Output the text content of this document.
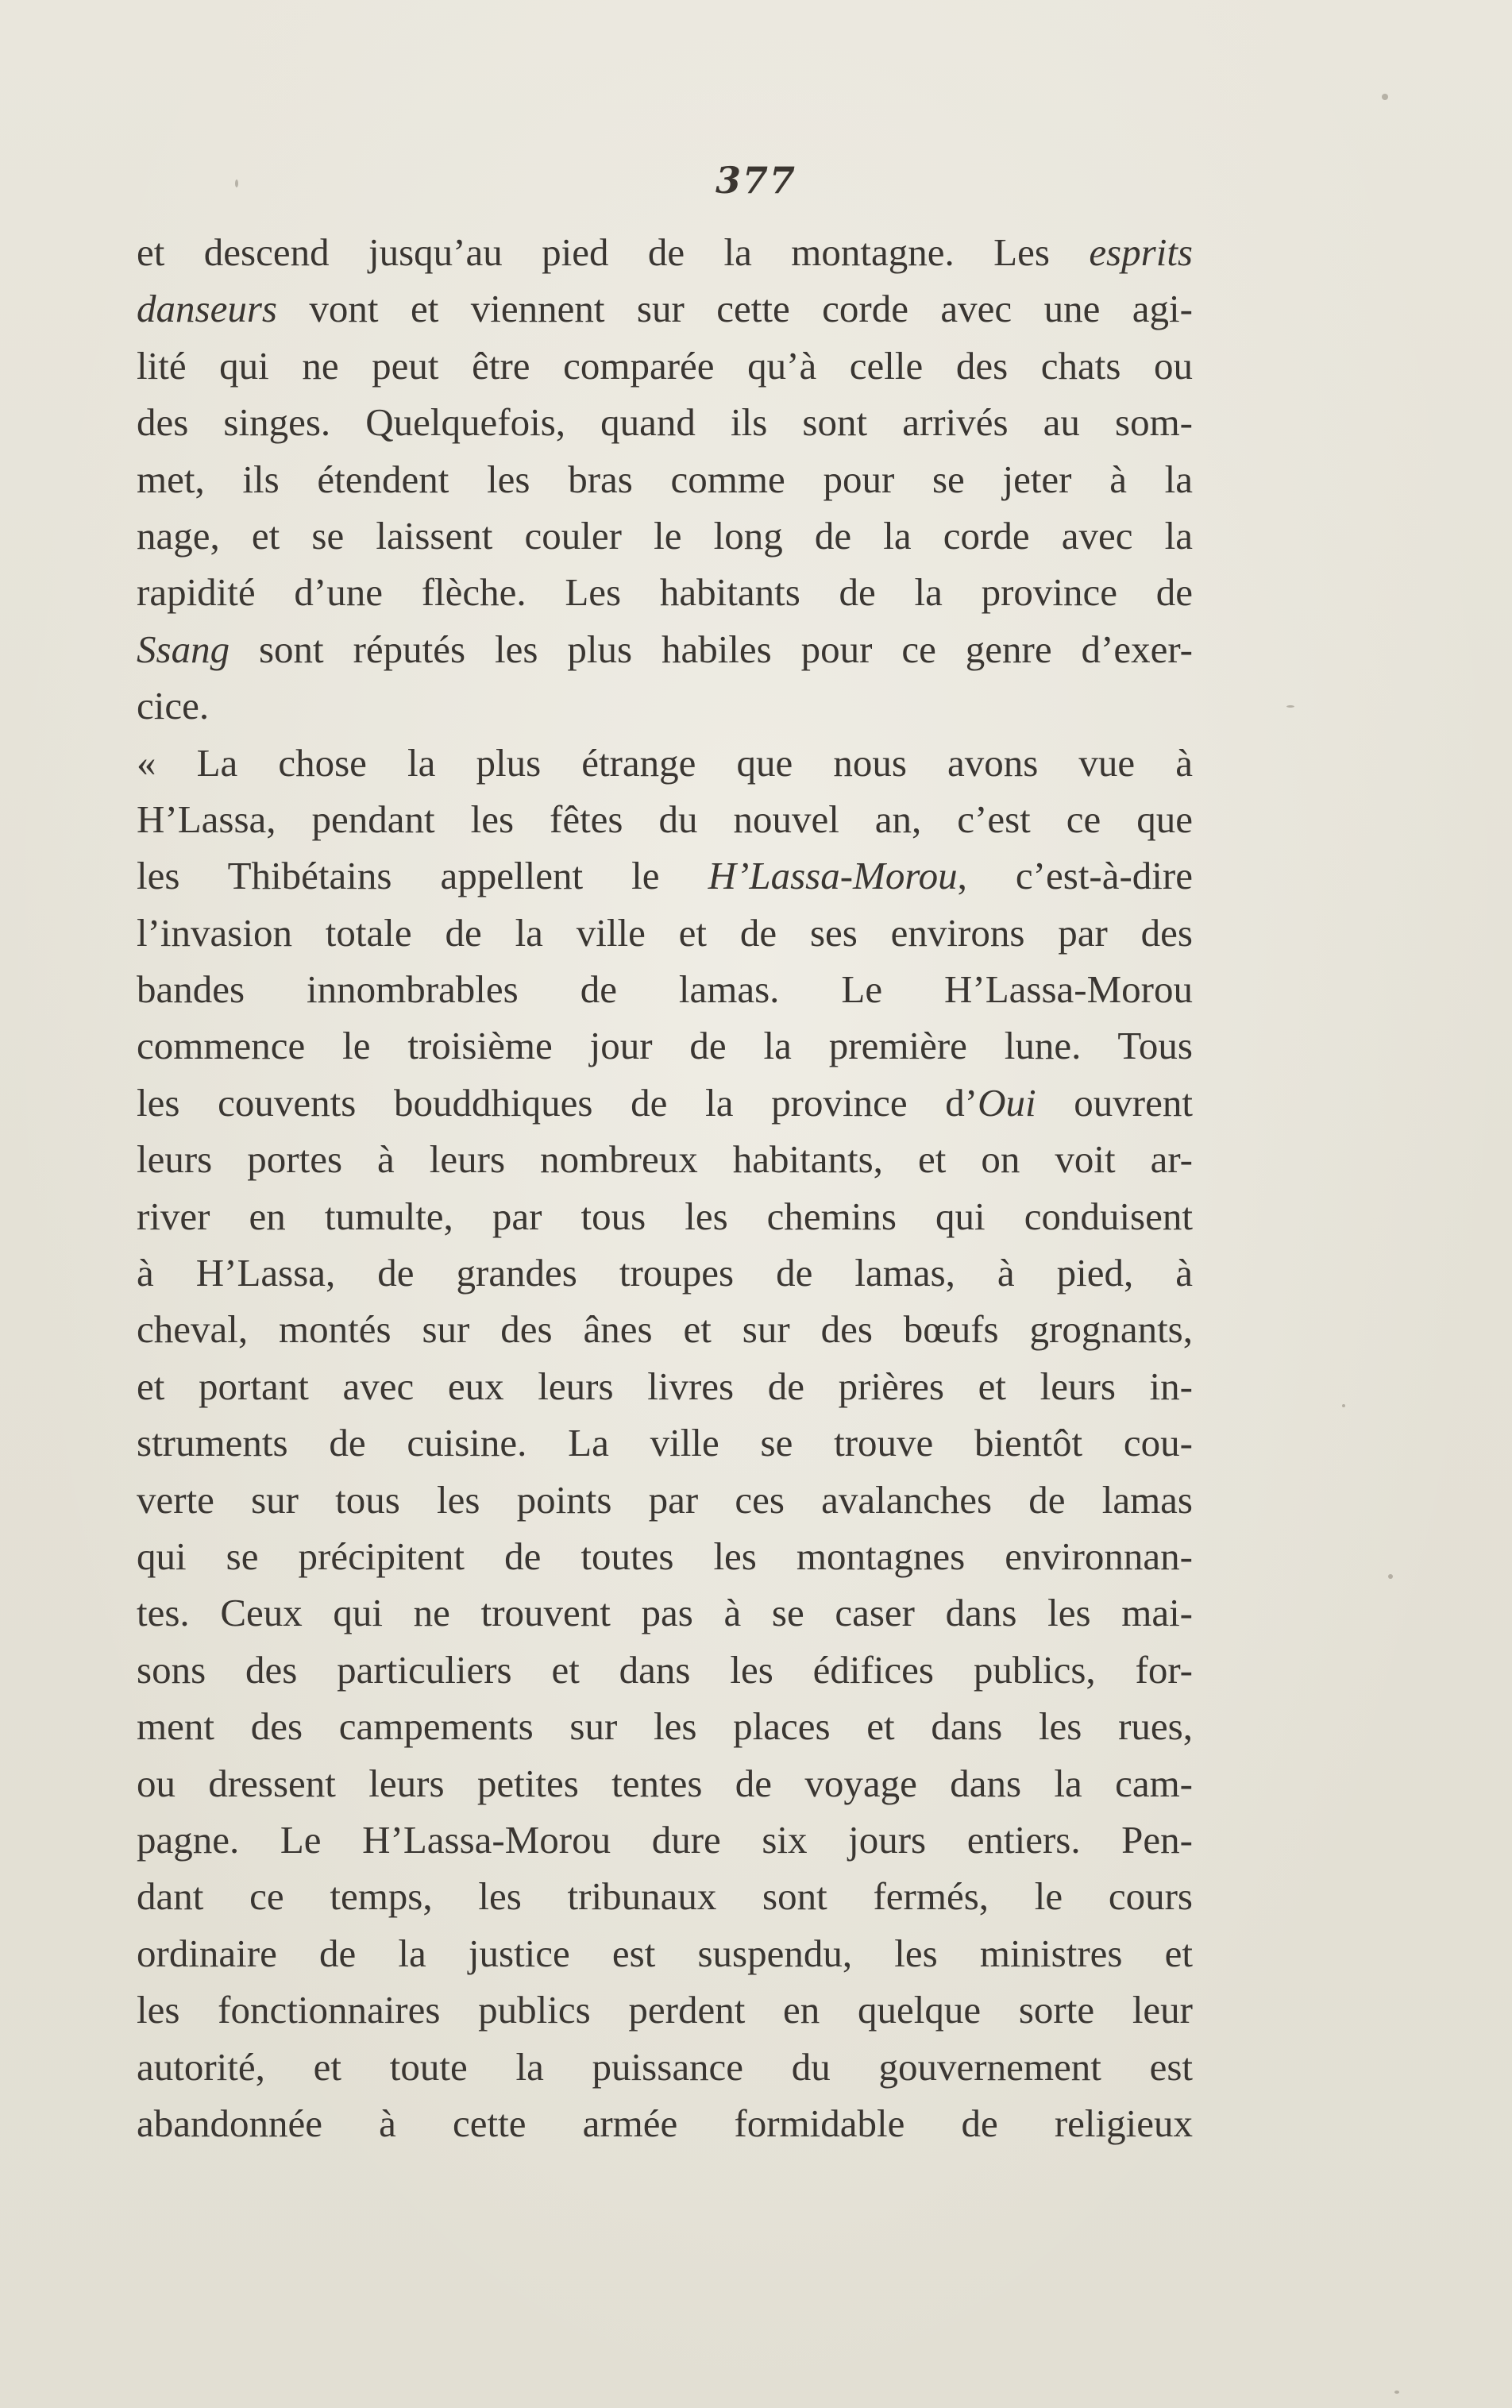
377
et descend jusqu’au pied de la montagne. Les esprits
danseurs vont et viennent sur cette corde avec une agi-
lité qui ne peut être comparée qu’à celle des chats ou
des singes. Quelquefois, quand ils sont arrivés au som-
met, ils étendent les bras comme pour se jeter à la
nage, et se laissent couler le long de la corde avec la
rapidité d’une flèche. Les habitants de la province de
Ssang sont réputés les plus habiles pour ce genre d’exer-
cice.
« La chose la plus étrange que nous avons vue à
H’Lassa, pendant les fêtes du nouvel an, c’est ce que
les Thibétains appellent le H’Lassa-Morou, c’est-à-dire
l’invasion totale de la ville et de ses environs par des
bandes innombrables de lamas. Le H’Lassa-Morou
commence le troisième jour de la première lune. Tous
les couvents bouddhiques de la province d’Oui ouvrent
leurs portes à leurs nombreux habitants, et on voit ar-
river en tumulte, par tous les chemins qui conduisent
à H’Lassa, de grandes troupes de lamas, à pied, à
cheval, montés sur des ânes et sur des bœufs grognants,
et portant avec eux leurs livres de prières et leurs in-
struments de cuisine. La ville se trouve bientôt cou-
verte sur tous les points par ces avalanches de lamas
qui se précipitent de toutes les montagnes environnan-
tes. Ceux qui ne trouvent pas à se caser dans les mai-
sons des particuliers et dans les édifices publics, for-
ment des campements sur les places et dans les rues,
ou dressent leurs petites tentes de voyage dans la cam-
pagne. Le H’Lassa-Morou dure six jours entiers. Pen-
dant ce temps, les tribunaux sont fermés, le cours
ordinaire de la justice est suspendu, les ministres et
les fonctionnaires publics perdent en quelque sorte leur
autorité, et toute la puissance du gouvernement est
abandonnée à cette armée formidable de religieux
